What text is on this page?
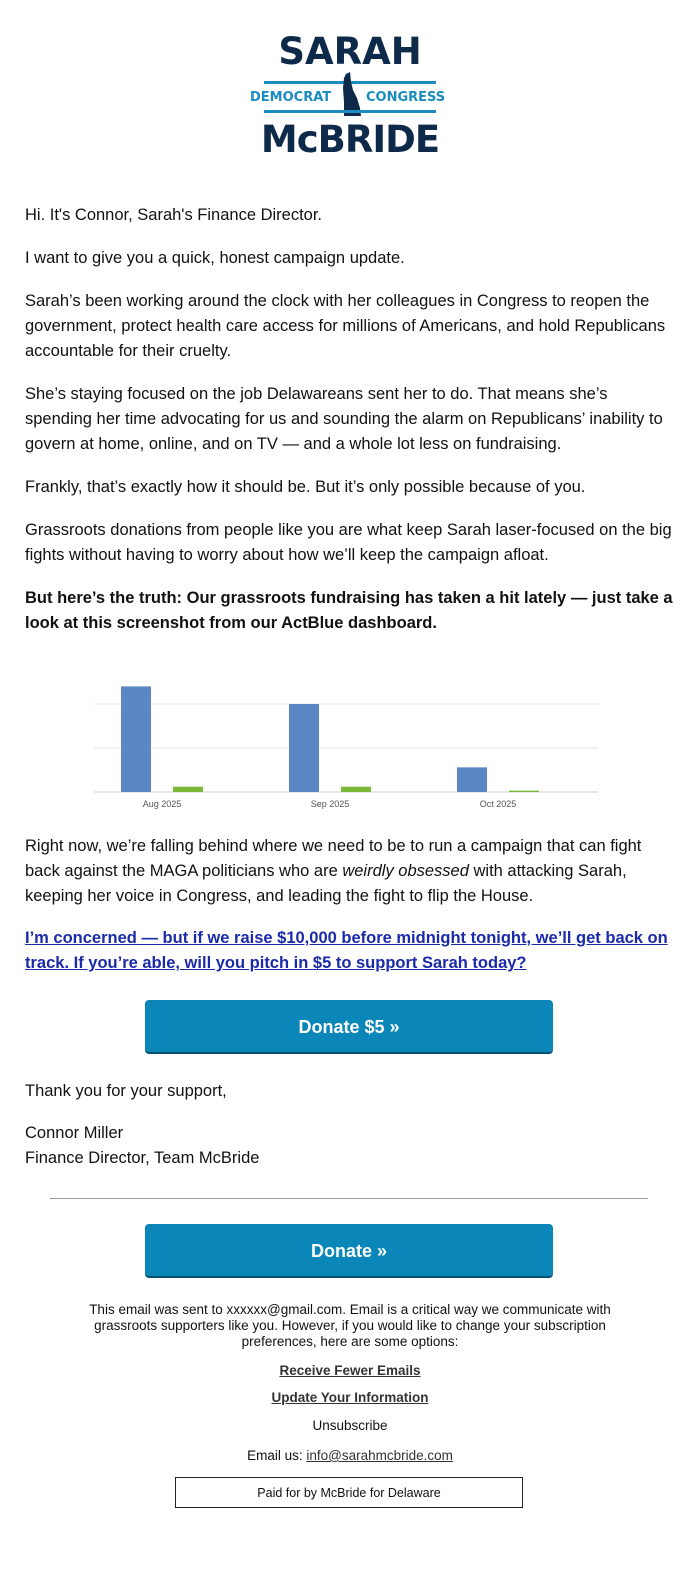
SARAH
DEMOCRAT	CONGRESS
McBRIDE

Hi. It's Connor, Sarah's Finance Director.

I want to give you a quick, honest campaign update.

Sarah’s been working around the clock with her colleagues in Congress to reopen the government, protect health care access for millions of Americans, and hold Republicans accountable for their cruelty.

She’s staying focused on the job Delawareans sent her to do. That means she’s spending her time advocating for us and sounding the alarm on Republicans’ inability to govern at home, online, and on TV — and a whole lot less on fundraising.

Frankly, that’s exactly how it should be. But it’s only possible because of you.

Grassroots donations from people like you are what keep Sarah laser-focused on the big fights without having to worry about how we’ll keep the campaign afloat.

But here’s the truth: Our grassroots fundraising has taken a hit lately — just take a look at this screenshot from our ActBlue dashboard.

Aug 2025	Sep 2025	Oct 2025

Right now, we’re falling behind where we need to be to run a campaign that can fight back against the MAGA politicians who are weirdly obsessed with attacking Sarah, keeping her voice in Congress, and leading the fight to flip the House.

I’m concerned — but if we raise $10,000 before midnight tonight, we’ll get back on track. If you’re able, will you pitch in $5 to support Sarah today?

Donate $5 »

Thank you for your support,

Connor Miller

Finance Director, Team McBride

Donate »
This email was sent to xxxxxx@gmail.com. Email is a critical way we communicate with grassroots supporters like you. However, if you would like to change your subscription preferences, here are some options:
Receive Fewer Emails
Update Your Information
Unsubscribe
Email us: info@sarahmcbride.com
Paid for by McBride for Delaware
